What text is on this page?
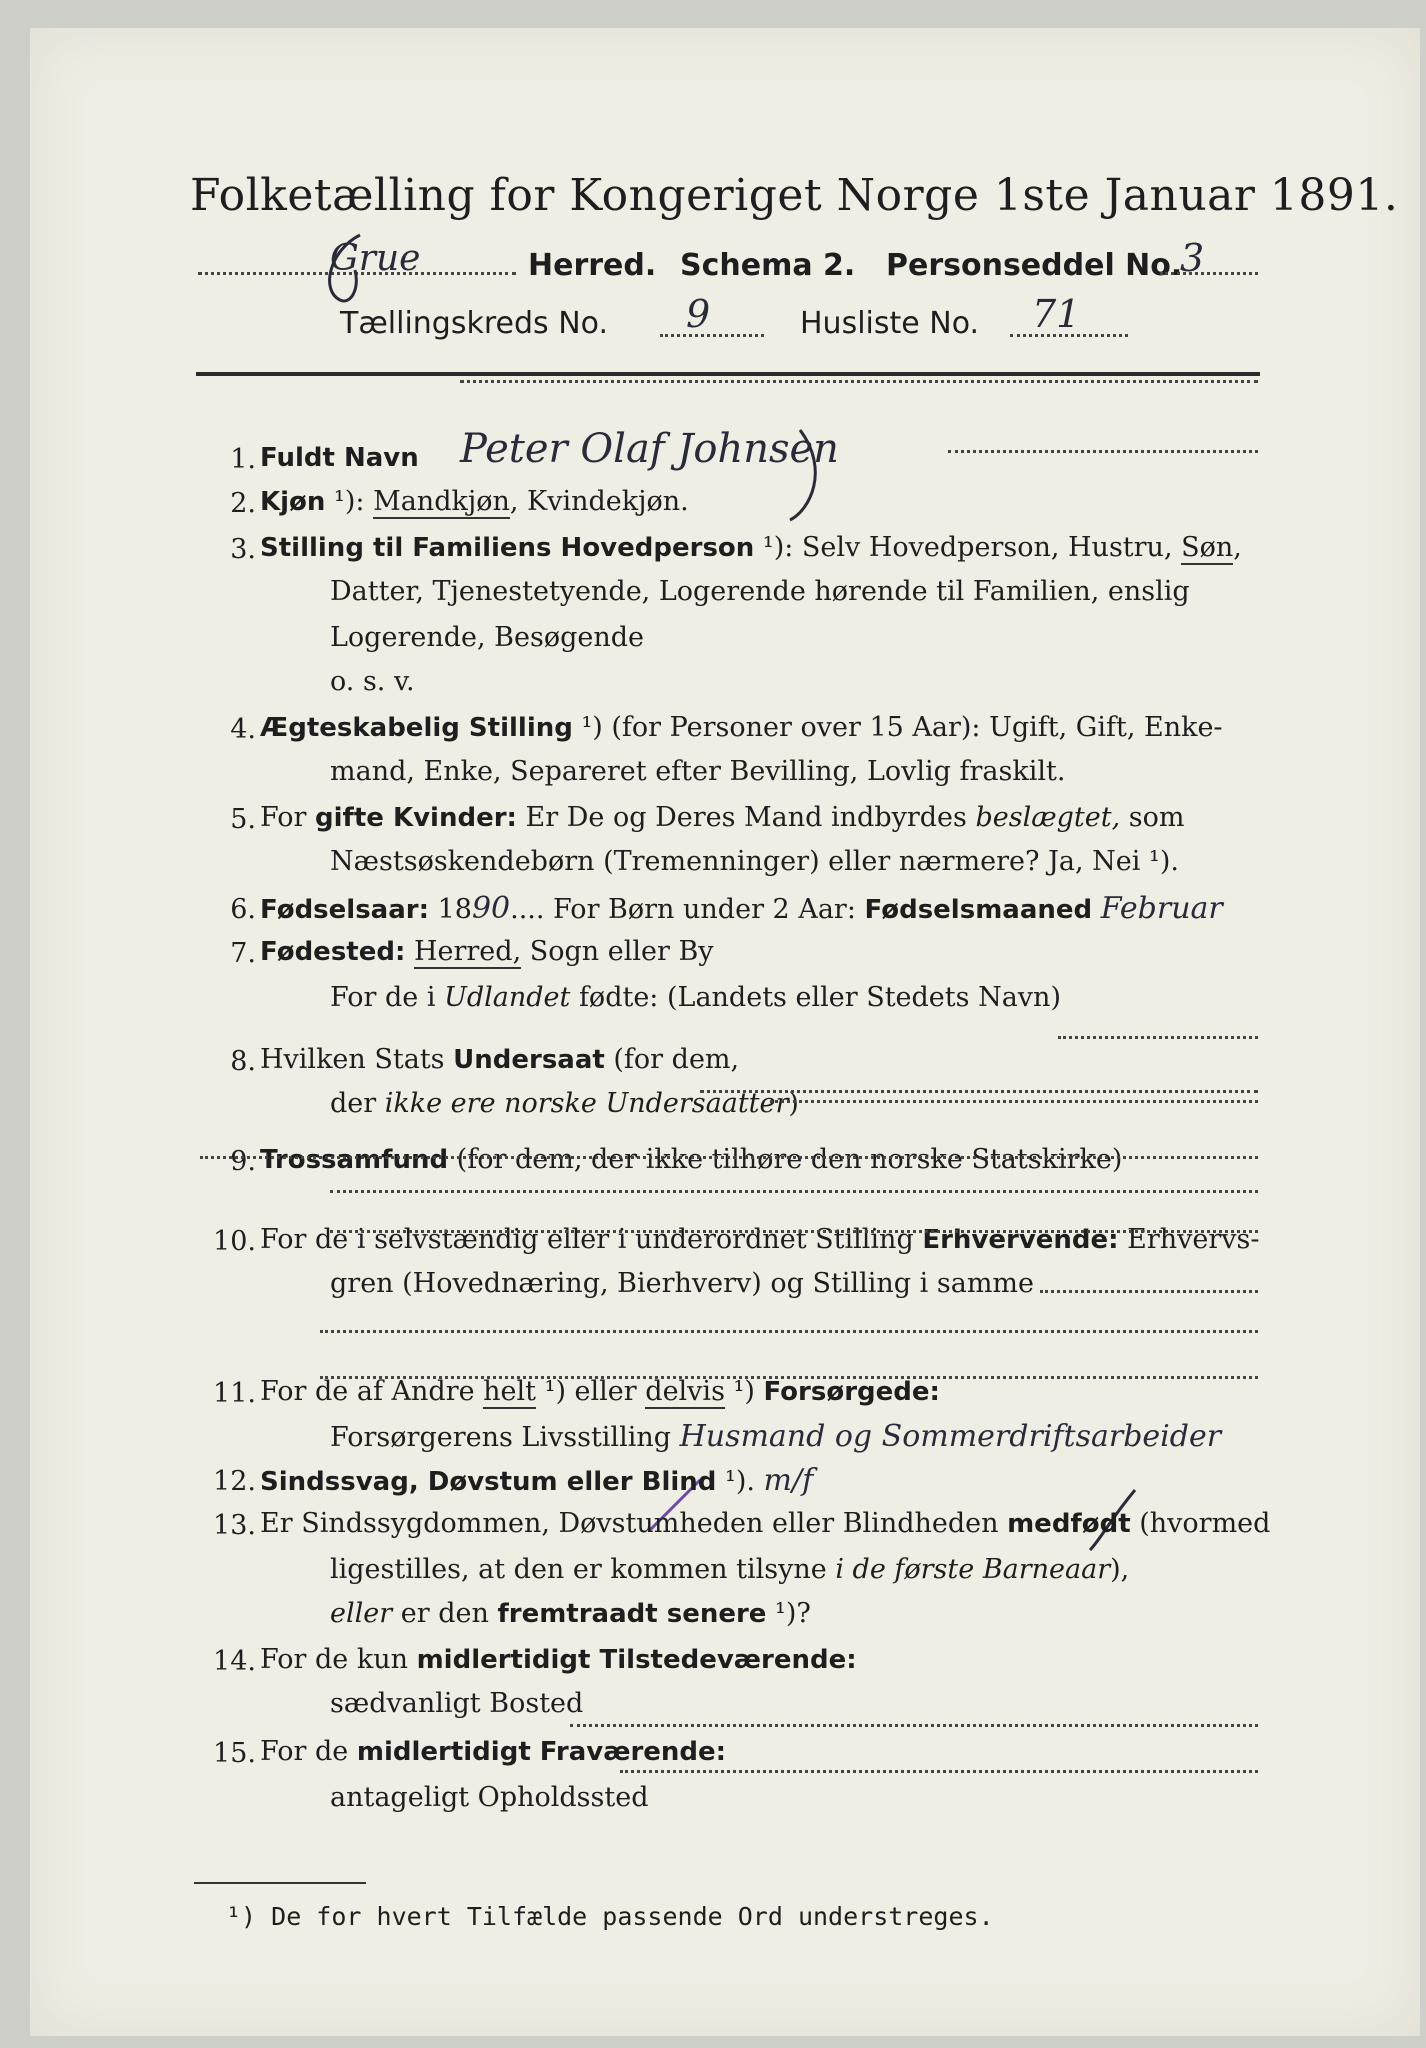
Folketælling for Kongeriget Norge 1ste Januar 1891.
Grue	Herred. Schema 2. Personseddel No.
3
Tællingskreds No. 9	Husliste No. 71
1. Fuldt Navn
2. Kjøn ¹): Mandkjøn, Kvindekjøn.
3. Stilling til Familiens Hovedperson ¹): Selv Hovedperson, Hustru, Søn,
Datter, Tjenestetyende, Logerende hørende til Familien, enslig
Logerende, Besøgende
o. s. v.
4. Ægteskabelig Stilling ¹) (for Personer over 15 Aar): Ugift, Gift, Enke-
mand, Enke, Separeret efter Bevilling, Lovlig fraskilt.
5. For gifte Kvinder: Er De og Deres Mand indbyrdes beslægtet, som
Næstsøskendebørn (Tremenninger) eller nærmere? Ja, Nei ¹).
6. Fødselsaar: 1890.... For Børn under 2 Aar: Fødselsmaaned Februar
7. Fødested: Herred, Sogn eller By
For de i Udlandet fødte: (Landets eller Stedets Navn)
8. Hvilken Stats Undersaat (for dem,
der ikke ere norske Undersaatter)
9. Trossamfund (for dem, der ikke tilhøre den norske Statskirke)
10. For de i selvstændig eller i underordnet Stilling Erhvervende: Erhvervs-
gren (Hovednæring, Bierhverv) og Stilling i samme
11. For de af Andre helt ¹) eller delvis ¹) Forsørgede:
Forsørgerens Livsstilling Husmand og Sommerdriftsarbeider
12. Sindssvag, Døvstum eller Blind ¹). m/f
13. Er Sindssygdommen, Døvstumheden eller Blindheden medfødt (hvormed
ligestilles, at den er kommen tilsyne i de første Barneaar),
eller er den fremtraadt senere ¹)?
14. For de kun midlertidigt Tilstedeværende:
sædvanligt Bosted
15. For de midlertidigt Fraværende:
antageligt Opholdssted
Peter Olaf Johnsen
¹) De for hvert Tilfælde passende Ord understreges.
